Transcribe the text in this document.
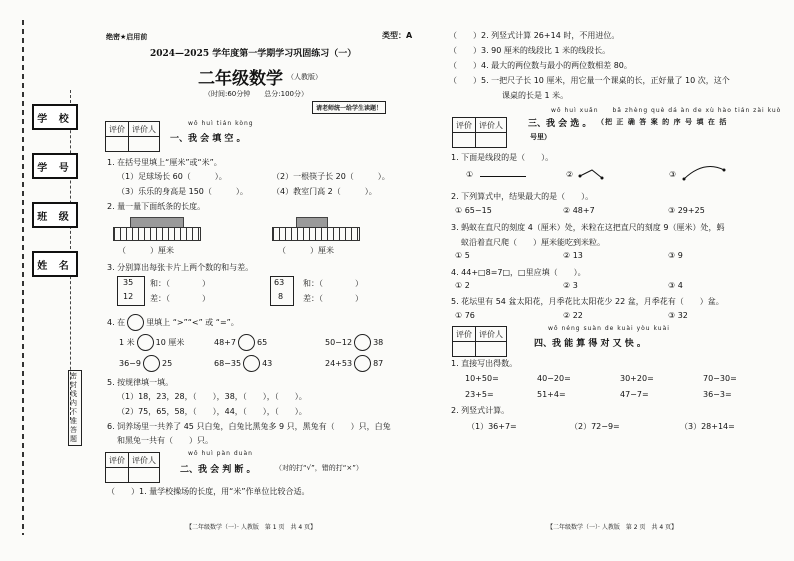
学 校
学 号
班 级
姓 名
密封线内不准答题
绝密★启用前	类型：A
2024—2025 学年度第一学期学习巩固练习（一）
二年级数学 （人教版）
（时间:60分钟　　总分:100分）
请老师统一给学生读题！
评价	评价人

wǒ huì tián kòng
一、我 会 填 空 。
1. 在括号里填上“厘米”或“米”。
（1）足球场长 60（　　　）。	（2）一根筷子长 20（　　　）。
（3）乐乐的身高是 150（　　　）。	（4）教室门高 2（　　　）。
2. 量一量下面纸条的长度。
（　　　）厘米	（　　　）厘米
3. 分别算出每张卡片上两个数的和与差。
35
12
和：（　　　　）
差：（　　　　）
63
8
和：（　　　　）
差：（　　　　）
4. 在	里填上 “>”“<” 或 “=”。
1 米	10 厘米	48+7	65	50−12	38
36−9	25	68−35	43	24+53	87
5. 按规律填一填。
（1）18，23，28，（　　），38，（　　），（　　）。
（2）75，65，58，（　　），44，（　　），（　　）。
6. 饲养场里一共养了 45 只白兔，白兔比黑兔多 9 只，黑兔有（　　）只，白兔
和黑兔一共有（　　）只。
评价	评价人

wǒ huì pàn duàn
二、我 会 判 断 。	（对的打“√”，错的打“×”）
（　　）1. 量学校操场的长度，用“米”作单位比较合适。
【二年级数学（一）· 人教版　第 1 页　共 4 页】
（　　）2. 列竖式计算 26+14 时，不用进位。
（　　）3. 90 厘米的线段比 1 米的线段长。
（　　）4. 最大的两位数与最小的两位数相差 80。
（　　）5. 一把尺子长 10 厘米，用它量一个课桌的长，正好量了 10 次，这个
课桌的长是 1 米。
评价	评价人

wǒ huì xuǎn　　bǎ zhèng què dá àn de xù hào tián zài kuò
三、我 会 选 。 （把 正 确 答 案 的 序 号 填 在 括
号里）
1. 下面是线段的是（　　）。
①	②	③
2. 下列算式中，结果最大的是（　　）。
① 65−15	② 48+7	③ 29+25
3. 蚂蚁在直尺的刻度 4（厘米）处，米粒在这把直尺的刻度 9（厘米）处，蚂
蚁沿着直尺爬（　　）厘米能吃到米粒。
① 5	② 13	③ 9
4. 44+□8=7□，□里应填（　　）。
① 2	② 3	③ 4
5. 花坛里有 54 盆太阳花，月季花比太阳花少 22 盆，月季花有（　　）盆。
① 76	② 22	③ 32
评价	评价人

wǒ néng suàn de kuài yòu kuài
四、我 能 算 得 对 又 快 。
1. 直接写出得数。
10+50=	40−20=	30+20=	70−30=
23+5=	51+4=	47−7=	36−3=
2. 列竖式计算。
（1）36+7=	（2）72−9=	（3）28+14=
【二年级数学（一）· 人教版　第 2 页　共 4 页】
